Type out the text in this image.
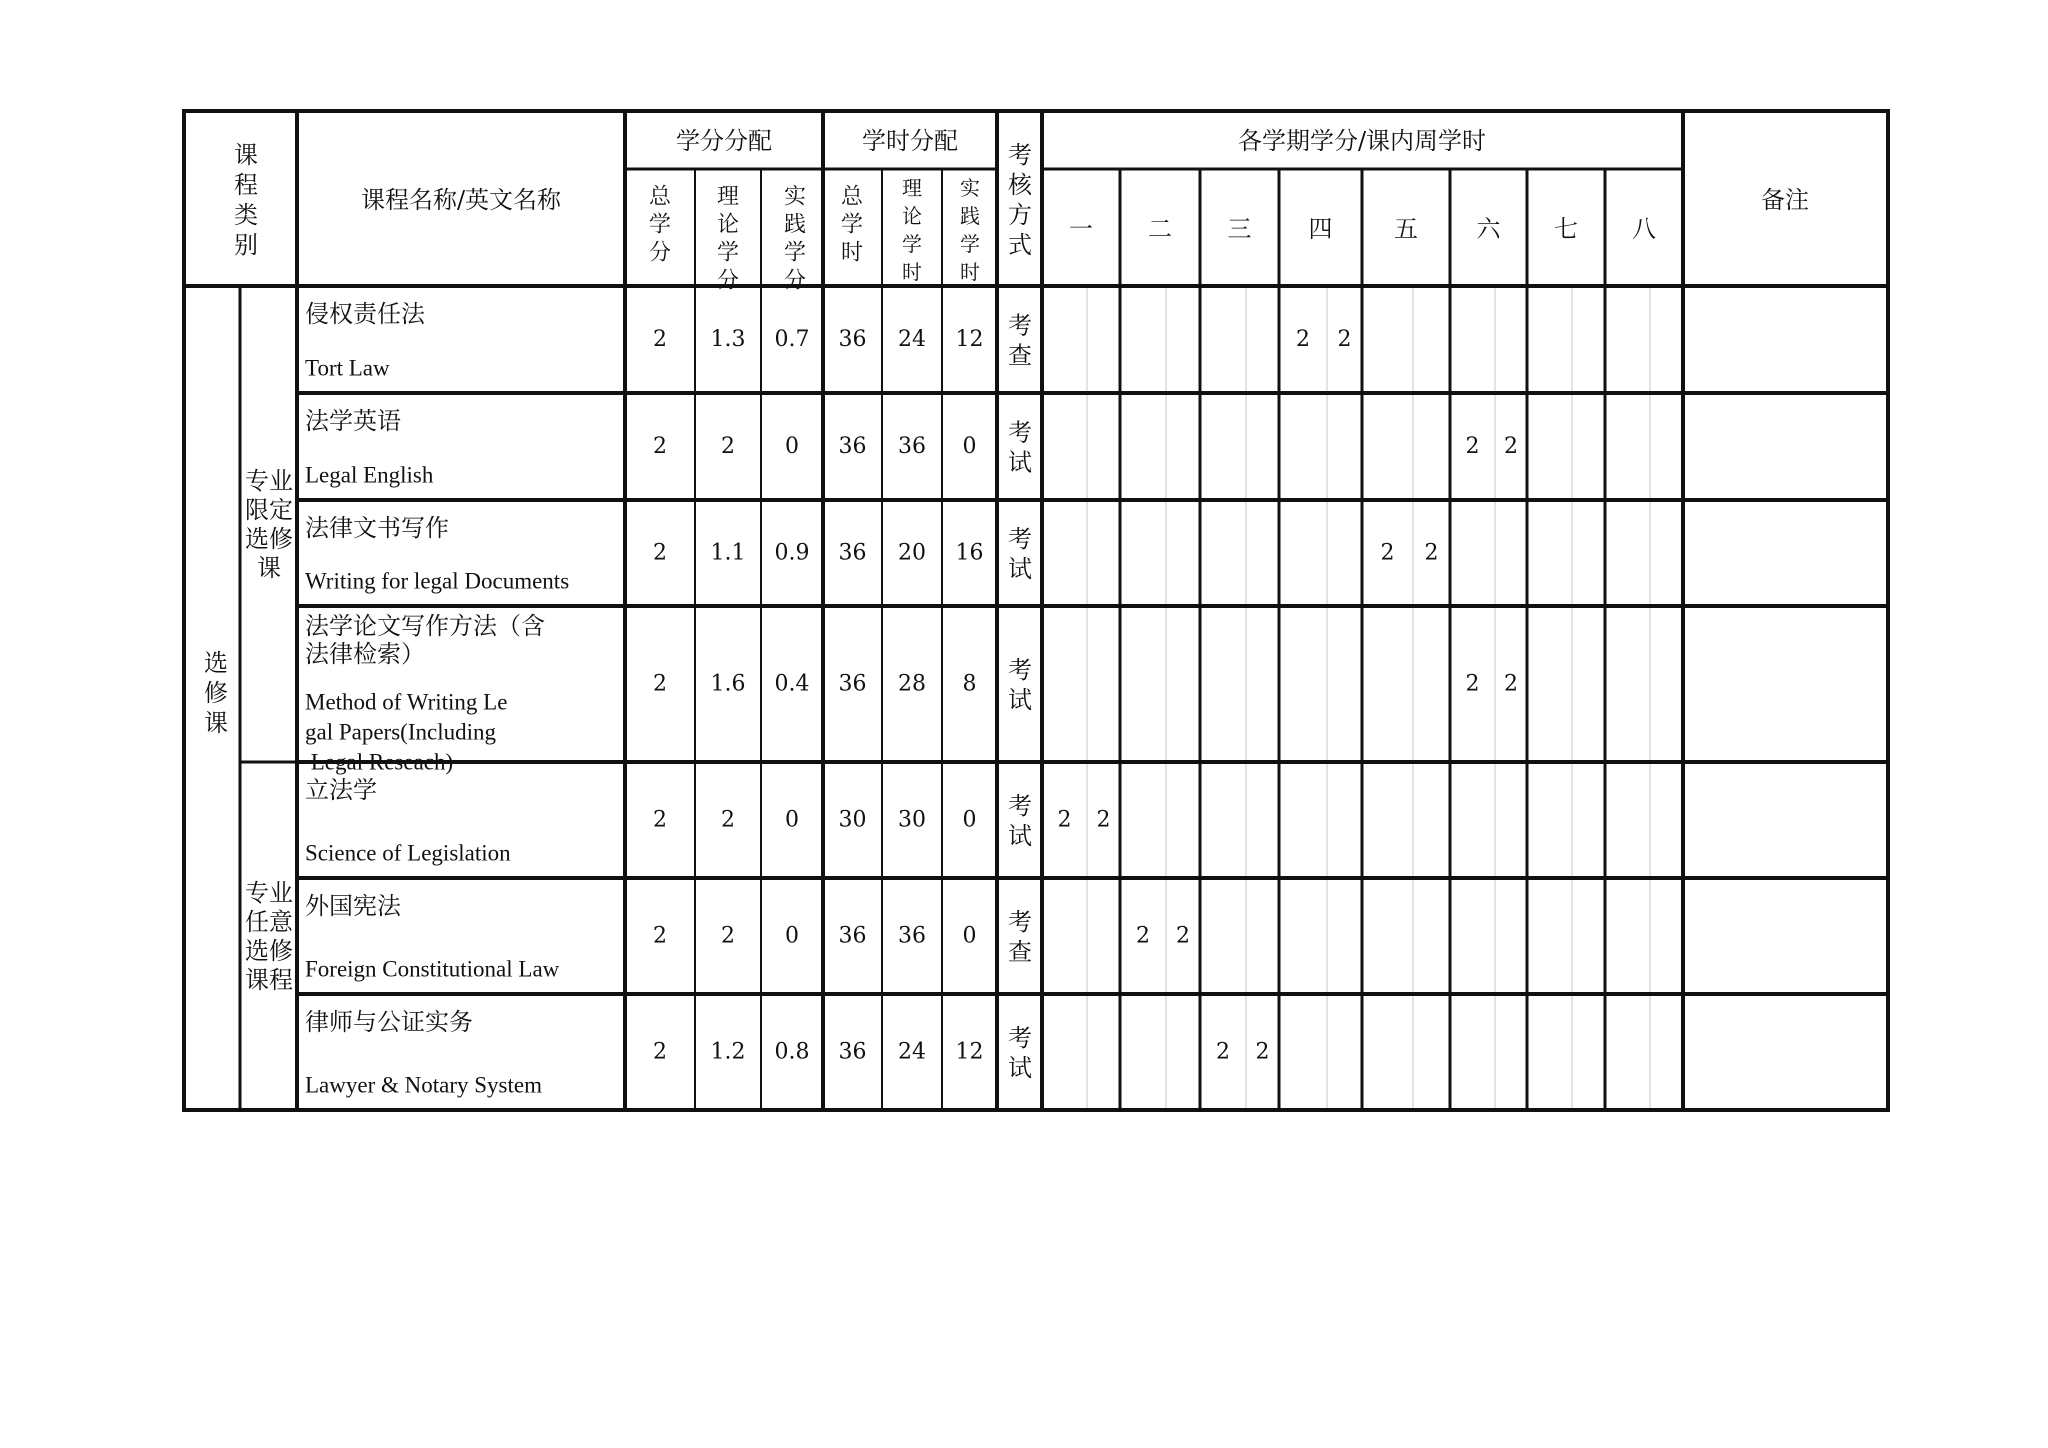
课
程
类
别
课程名称/英文名称
学分分配	学时分配 考
核
方
式
各学期学分/课内周学时
备注
总
学
分
理
论
学
分
实
践
学
分
总
学
时
理
论
学
时
实
践
学
时
一 二 三 四	五 六 七 八
选
修
课
专业
限定
选修
课
专业
任意
选修
课程
侵权责任法
Tort Law
2 1.3 0.7 36 24 12 考
查
2 2
法学英语
Legal English
2 2 0 36 36 0 考
试
2 2
法律文书写作
Writing for legal Documents
2 1.1 0.9 36 20 16 考
试
2 2
法学论文写作方法（含法律检索）
Method of Writing Le gal Papers(Including Legal Reseach)
2 1.6 0.4 36 28 8 考
试
2 2
立法学
Science of Legislation
2 2 0 30 30 0 考
试
2 2
外国宪法
Foreign Constitutional Law
2 2 0 36 36 0 考
查
2 2
律师与公证实务
Lawyer & Notary System
2 1.2 0.8 36 24 12 考
试
2 2
